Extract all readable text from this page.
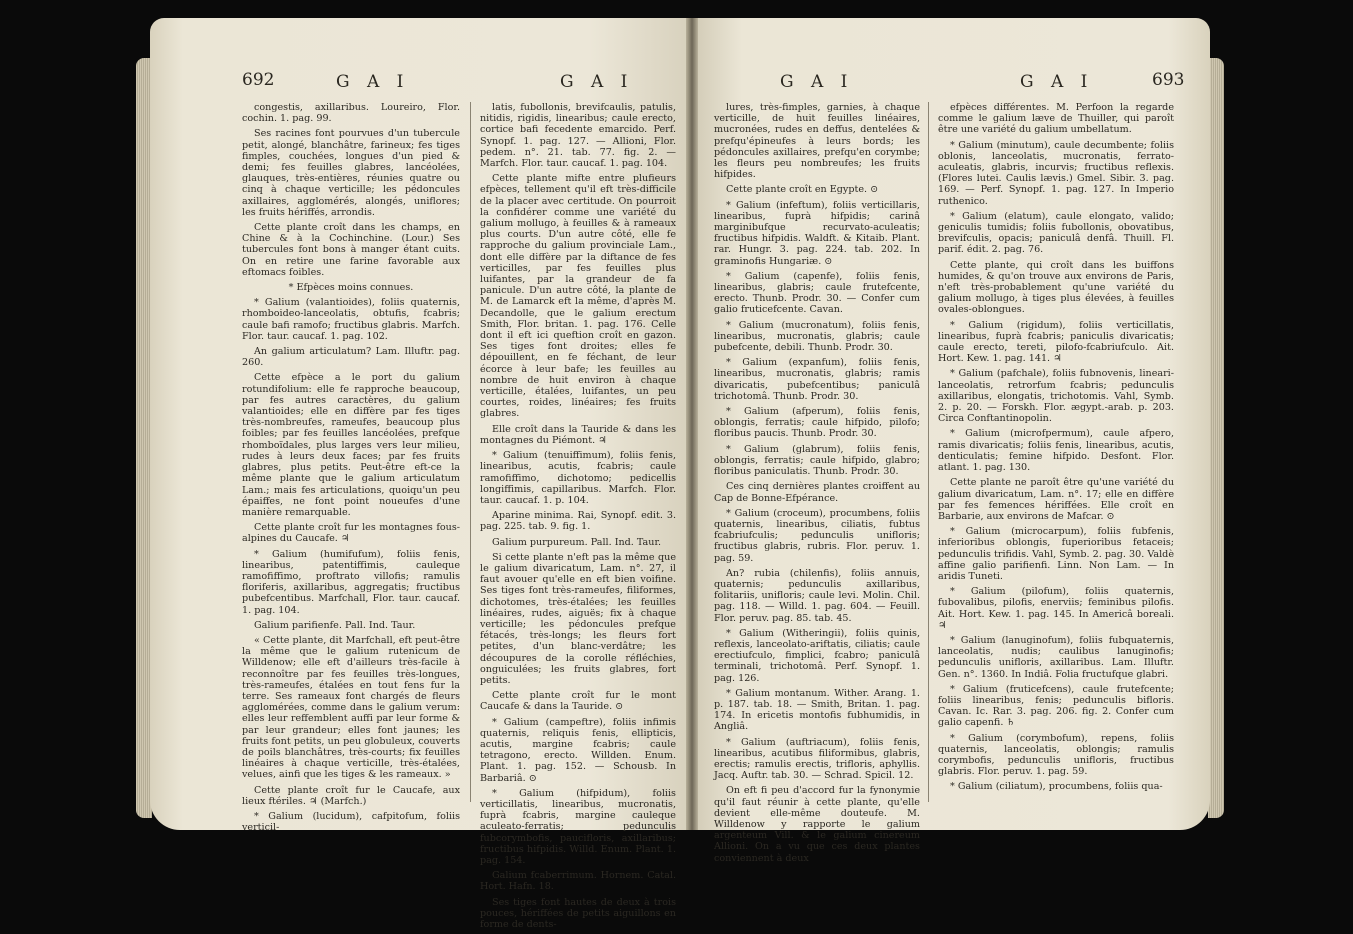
692	G A I	G A I

congestis, axillaribus. Loureiro, Flor. cochin. 1. pag. 99.

Ses racines font pourvues d'un tubercule petit, alongé, blanchâtre, farineux; fes tiges fimples, couchées, longues d'un pied & demi; fes feuilles glabres, lancéolées, glauques, très-entières, réunies quatre ou cinq à chaque verticille; les pédoncules axillaires, agglomérés, alongés, uniflores; les fruits hériffés, arrondis.

Cette plante croît dans les champs, en Chine & à la Cochinchine. (Lour.) Ses tubercules font bons à manger étant cuits. On en retire une farine favorable aux eftomacs foibles.

* Efpèces moins connues.

* Galium (valantioides), foliis quaternis, rhomboideo-lanceolatis, obtufis, fcabris; caule bafi ramofo; fructibus glabris. Marfch. Flor. taur. caucaf. 1. pag. 102.

An galium articulatum? Lam. Illuftr. pag. 260.

Cette efpèce a le port du galium rotundifolium: elle fe rapproche beaucoup, par fes autres caractères, du galium valantioides; elle en diffère par fes tiges très-nombreufes, rameufes, beaucoup plus foibles; par fes feuilles lancéolées, prefque rhomboïdales, plus larges vers leur milieu, rudes à leurs deux faces; par fes fruits glabres, plus petits. Peut-être eft-ce la même plante que le galium articulatum Lam.; mais fes articulations, quoiqu'un peu épaiffes, ne font point noueufes d'une manière remarquable.

Cette plante croît fur les montagnes fous-alpines du Caucafe. ♃

* Galium (humifufum), foliis fenis, linearibus, patentiffimis, cauleque ramofiffimo, proftrato villofis; ramulis floriferis, axillaribus, aggregatis; fructibus pubefcentibus. Marfchall, Flor. taur. caucaf. 1. pag. 104.

Galium parifienfe. Pall. Ind. Taur.

« Cette plante, dit Marfchall, eft peut-être la même que le galium rutenicum de Willdenow; elle eft d'ailleurs très-facile à reconnoître par fes feuilles très-longues, très-rameufes, étalées en tout fens fur la terre. Ses rameaux font chargés de fleurs agglomérées, comme dans le galium verum: elles leur reffemblent auffi par leur forme & par leur grandeur; elles font jaunes; les fruits font petits, un peu globuleux, couverts de poils blanchâtres, très-courts; fix feuilles linéaires à chaque verticille, très-étalées, velues, ainfi que les tiges & les rameaux. »

Cette plante croît fur le Caucafe, aux lieux ftériles. ♃ (Marfch.)

* Galium (lucidum), cafpitofum, foliis verticil-

latis, fubollonis, brevifcaulis, patulis, nitidis, rigidis, linearibus; caule erecto, cortice bafi fecedente emarcido. Perf. Synopf. 1. pag. 127. — Allioni, Flor. pedem. n°. 21. tab. 77. fig. 2. — Marfch. Flor. taur. caucaf. 1. pag. 104.

Cette plante mifte entre plufieurs efpèces, tellement qu'il eft très-difficile de la placer avec certitude. On pourroit la confidérer comme une variété du galium mollugo, à feuilles & à rameaux plus courts. D'un autre côté, elle fe rapproche du galium provinciale Lam., dont elle diffère par la diftance de fes verticilles, par fes feuilles plus luifantes, par la grandeur de fa panicule. D'un autre côté, la plante de M. de Lamarck eft la même, d'après M. Decandolle, que le galium erectum Smith, Flor. britan. 1. pag. 176. Celle dont il eft ici queftion croît en gazon. Ses tiges font droites; elles fe dépouillent, en fe féchant, de leur écorce à leur bafe; les feuilles au nombre de huit environ à chaque verticille, étalées, luifantes, un peu courtes, roides, linéaires; fes fruits glabres.

Elle croît dans la Tauride & dans les montagnes du Piémont. ♃

* Galium (tenuiffimum), foliis fenis, linearibus, acutis, fcabris; caule ramofiffimo, dichotomo; pedicellis longiffimis, capillaribus. Marfch. Flor. taur. caucaf. 1. p. 104.

Aparine minima. Rai, Synopf. edit. 3. pag. 225. tab. 9. fig. 1.

Galium purpureum. Pall. Ind. Taur.

Si cette plante n'eft pas la même que le galium divaricatum, Lam. n°. 27, il faut avouer qu'elle en eft bien voifine. Ses tiges font très-rameufes, filiformes, dichotomes, très-étalées; les feuilles linéaires, rudes, aiguës; fix à chaque verticille; les pédoncules prefque fétacés, très-longs; les fleurs fort petites, d'un blanc-verdâtre; les découpures de la corolle réfléchies, onguiculées; les fruits glabres, fort petits.

Cette plante croît fur le mont Caucafe & dans la Tauride. ⊙

* Galium (campeftre), foliis infimis quaternis, reliquis fenis, ellipticis, acutis, margine fcabris; caule tetragono, erecto. Willden. Enum. Plant. 1. pag. 152. — Schousb. In Barbariâ. ⊙

* Galium (hifpidum), foliis verticillatis, linearibus, mucronatis, fuprà fcabris, margine cauleque aculeato-ferratis; pedunculis fubcorymbofis, paucifloris, axillaribus; fructibus hifpidis. Willd. Enum. Plant. 1. pag. 154.

Galium fcaberrimum. Hornem. Catal. Hort. Hafn. 18.

Ses tiges font hautes de deux à trois pouces, hériffées de petits aiguillons en forme de dents-

G A I	G A I	693

lures, très-fimples, garnies, à chaque verticille, de huit feuilles linéaires, mucronées, rudes en deffus, dentelées & prefqu'épineufes à leurs bords; les pédoncules axillaires, prefqu'en corymbe; les fleurs peu nombreufes; les fruits hifpides.

Cette plante croît en Egypte. ⊙

* Galium (infeftum), foliis verticillaris, linearibus, fuprà hifpidis; carinâ marginibufque recurvato-aculeatis; fructibus hifpidis. Waldft. & Kitaib. Plant. rar. Hungr. 3. pag. 224. tab. 202. In graminofis Hungariæ. ⊙

* Galium (capenfe), foliis fenis, linearibus, glabris; caule frutefcente, erecto. Thunb. Prodr. 30. — Confer cum galio fruticefcente. Cavan.

* Galium (mucronatum), foliis fenis, linearibus, mucronatis, glabris; caule pubefcente, debili. Thunb. Prodr. 30.

* Galium (expanfum), foliis fenis, linearibus, mucronatis, glabris; ramis divaricatis, pubefcentibus; paniculâ trichotomâ. Thunb. Prodr. 30.

* Galium (afperum), foliis fenis, oblongis, ferratis; caule hifpido, pilofo; floribus paucis. Thunb. Prodr. 30.

* Galium (glabrum), foliis fenis, oblongis, ferratis; caule hifpido, glabro; floribus paniculatis. Thunb. Prodr. 30.

Ces cinq dernières plantes croiffent au Cap de Bonne-Efpérance.

* Galium (croceum), procumbens, foliis quaternis, linearibus, ciliatis, fubtus fcabriufculis; pedunculis unifloris; fructibus glabris, rubris. Flor. peruv. 1. pag. 59.

An? rubia (chilenfis), foliis annuis, quaternis; pedunculis axillaribus, folitariis, unifloris; caule levi. Molin. Chil. pag. 118. — Willd. 1. pag. 604. — Feuill. Flor. peruv. pag. 85. tab. 45.

* Galium (Witheringii), foliis quinis, reflexis, lanceolato-ariftatis, ciliatis; caule erectiufculo, fimplici, fcabro; paniculâ terminali, trichotomâ. Perf. Synopf. 1. pag. 126.

* Galium montanum. Wither. Arang. 1. p. 187. tab. 18. — Smith, Britan. 1. pag. 174. In ericetis montofis fubhumidis, in Angliâ.

* Galium (auftriacum), foliis fenis, linearibus, acutibus filiformibus, glabris, erectis; ramulis erectis, trifloris, aphyllis. Jacq. Auftr. tab. 30. — Schrad. Spicil. 12.

On eft fi peu d'accord fur la fynonymie qu'il faut réunir à cette plante, qu'elle devient elle-même douteufe. M. Willdenow y rapporte le galium argenteum Vill. & le galium cinereum Allioni. On a vu que ces deux plantes conviennent à deux

efpèces différentes. M. Perfoon la regarde comme le galium læve de Thuiller, qui paroît être une variété du galium umbellatum.

* Galium (minutum), caule decumbente; foliis oblonis, lanceolatis, mucronatis, ferrato-aculeatis, glabris, incurvis; fructibus reflexis. (Flores lutei. Caulis lævis.) Gmel. Sibir. 3. pag. 169. — Perf. Synopf. 1. pag. 127. In Imperio ruthenico.

* Galium (elatum), caule elongato, valido; geniculis tumidis; foliis fubollonis, obovatibus, brevifculis, opacis; paniculâ denfâ. Thuill. Fl. parif. édit. 2. pag. 76.

Cette plante, qui croît dans les buiffons humides, & qu'on trouve aux environs de Paris, n'eft très-probablement qu'une variété du galium mollugo, à tiges plus élevées, à feuilles ovales-oblongues.

* Galium (rigidum), foliis verticillatis, linearibus, fuprà fcabris; paniculis divaricatis; caule erecto, tereti, pilofo-fcabriufculo. Ait. Hort. Kew. 1. pag. 141. ♃

* Galium (pafchale), foliis fubnovenis, lineari-lanceolatis, retrorfum fcabris; pedunculis axillaribus, elongatis, trichotomis. Vahl, Symb. 2. p. 20. — Forskh. Flor. ægypt.-arab. p. 203. Circa Conftantinopolin.

* Galium (microfpermum), caule afpero, ramis divaricatis; foliis fenis, linearibus, acutis, denticulatis; femine hifpido. Desfont. Flor. atlant. 1. pag. 130.

Cette plante ne paroît être qu'une variété du galium divaricatum, Lam. n°. 17; elle en diffère par fes femences hériffées. Elle croît en Barbarie, aux environs de Mafcar. ⊙

* Galium (microcarpum), foliis fubfenis, inferioribus oblongis, fuperioribus fetaceis; pedunculis trifidis. Vahl, Symb. 2. pag. 30. Valdè affine galio parifienfi. Linn. Non Lam. — In aridis Tuneti.

* Galium (pilofum), foliis quaternis, fubovalibus, pilofis, enerviis; feminibus pilofis. Ait. Hort. Kew. 1. pag. 145. In Americâ boreali. ♃

* Galium (lanuginofum), foliis fubquaternis, lanceolatis, nudis; caulibus lanuginofis; pedunculis unifloris, axillaribus. Lam. Illuftr. Gen. n°. 1360. In Indiâ. Folia fructufque glabri.

* Galium (fruticefcens), caule frutefcente; foliis linearibus, fenis; pedunculis bifloris. Cavan. Ic. Rar. 3. pag. 206. fig. 2. Confer cum galio capenfi. ♄

* Galium (corymbofum), repens, foliis quaternis, lanceolatis, oblongis; ramulis corymbofis, pedunculis unifloris, fructibus glabris. Flor. peruv. 1. pag. 59.

* Galium (ciliatum), procumbens, foliis qua-
